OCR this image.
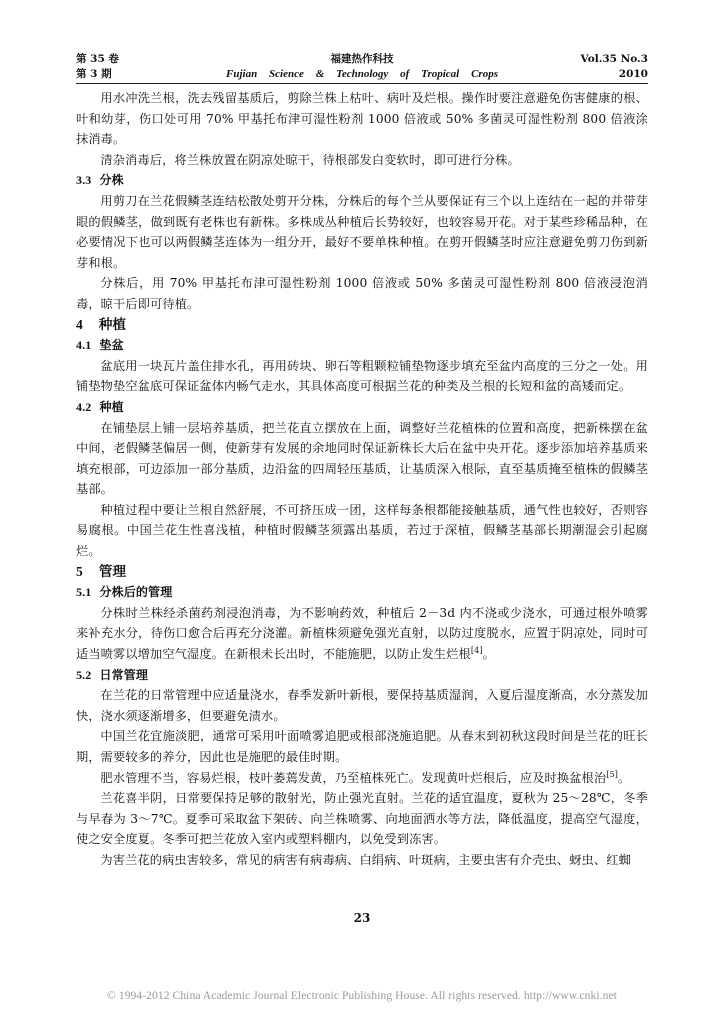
第 35 卷	福建热作科技	Vol.35 No.3
第 3 期	Fujian Science & Technology of Tropical Crops	2010

用水冲洗兰根，洗去残留基质后，剪除兰株上枯叶、病叶及烂根。操作时要注意避免伤害健康的根、叶和幼芽，伤口处可用 70% 甲基托布津可湿性粉剂 1000 倍液或 50% 多菌灵可湿性粉剂 800 倍液涂抹消毒。

清杂消毒后，将兰株放置在阴凉处晾干，待根部发白变软时，即可进行分株。

3.3 分株

用剪刀在兰花假鳞茎连结松散处剪开分株，分株后的每个兰从要保证有三个以上连结在一起的并带芽眼的假鳞茎，做到既有老株也有新株。多株成丛种植后长势较好，也较容易开花。对于某些珍稀品种，在必要情况下也可以两假鳞茎连体为一组分开，最好不要单株种植。在剪开假鳞茎时应注意避免剪刀伤到新芽和根。

分株后，用 70% 甲基托布津可湿性粉剂 1000 倍液或 50% 多菌灵可湿性粉剂 800 倍液浸泡消毒，晾干后即可待植。

4 种植

4.1 垫盆

盆底用一块瓦片盖住排水孔，再用砖块、卵石等粗颗粒铺垫物逐步填充至盆内高度的三分之一处。用铺垫物垫空盆底可保证盆体内畅气走水，其具体高度可根据兰花的种类及兰根的长短和盆的高矮而定。

4.2 种植

在铺垫层上铺一层培养基质，把兰花直立摆放在上面，调整好兰花植株的位置和高度，把新株摆在盆中间，老假鳞茎偏居一侧，使新芽有发展的余地同时保证新株长大后在盆中央开花。逐步添加培养基质来填充根部，可边添加一部分基质，边沿盆的四周轻压基质，让基质深入根际，直至基质掩至植株的假鳞茎基部。

种植过程中要让兰根自然舒展，不可挤压成一团，这样每条根都能接触基质，通气性也较好，否则容易腐根。中国兰花生性喜浅植，种植时假鳞茎须露出基质，若过于深植，假鳞茎基部长期潮湿会引起腐烂。

5 管理

5.1 分株后的管理

分株时兰株经杀菌药剂浸泡消毒，为不影响药效，种植后 2－3d 内不浇或少浇水，可通过根外喷雾来补充水分，待伤口愈合后再充分浇灌。新植株须避免强光直射，以防过度脱水，应置于阴凉处，同时可适当喷雾以增加空气湿度。在新根未长出时，不能施肥，以防止发生烂根[4]。

5.2 日常管理

在兰花的日常管理中应适量浇水，春季发新叶新根，要保持基质湿润，入夏后湿度渐高，水分蒸发加快，浇水须逐渐增多，但要避免渍水。

中国兰花宜施淡肥，通常可采用叶面喷雾追肥或根部浇施追肥。从春末到初秋这段时间是兰花的旺长期，需要较多的养分，因此也是施肥的最佳时期。

肥水管理不当，容易烂根，枝叶萎蔫发黄，乃至植株死亡。发现黄叶烂根后，应及时换盆根治[5]。

兰花喜半阴，日常要保持足够的散射光，防止强光直射。兰花的适宜温度，夏秋为 25～28℃，冬季与早春为 3～7℃。夏季可采取盆下架砖、向兰株喷雾、向地面洒水等方法，降低温度，提高空气湿度，使之安全度夏。冬季可把兰花放入室内或塑料棚内，以免受到冻害。

为害兰花的病虫害较多，常见的病害有病毒病、白绢病、叶斑病，主要虫害有介壳虫、蚜虫、红蜘

23
© 1994-2012 China Academic Journal Electronic Publishing House. All rights reserved. http://www.cnki.net
